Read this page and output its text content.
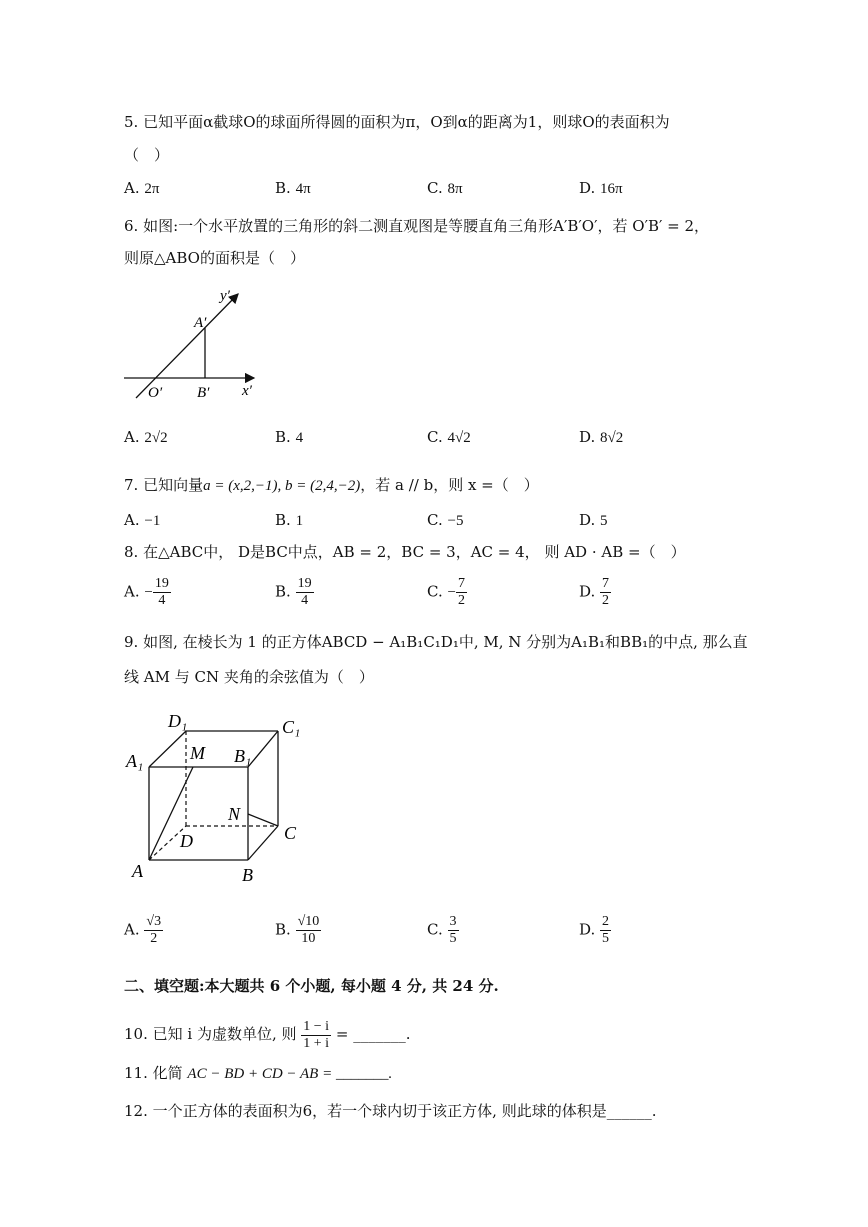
5. 已知平面α截球O的球面所得圆的面积为π，O到α的距离为1，则球O的表面积为
（　）
A. 2π	B. 4π	C. 8π	D. 16π
6. 如图:一个水平放置的三角形的斜二测直观图是等腰直角三角形A′B′O′，若 O′B′ = 2，
则原△ABO的面积是（　）
y′
A′
O′ B′ x′
A. 2√2	B. 4	C. 4√2	D. 8√2
7. 已知向量a = (x,2,−1), b = (2,4,−2)，若 a // b，则 x =（　）
A. −1	B. 1	C. −5	D. 5
8. 在△ABC中， D是BC中点，AB = 2，BC = 3，AC = 4， 则 AD · AB =（　）
A. − $\frac{19}{4}$	B. $\frac{19}{4}$	C. − $\frac{7}{2}$	D. $\frac{7}{2}$
9. 如图, 在棱长为 1 的正方体ABCD − A₁B₁C₁D₁中, M, N 分别为A₁B₁和BB₁的中点, 那么直
线 AM 与 CN 夹角的余弦值为（　）
D₁	C₁
A₁	M B₁
N
C
D
A	B
A. $\frac{√3}{2}$	B. $\frac{√10}{10}$	C. $\frac{3}{5}$	D. $\frac{2}{5}$
二、填空题:本大题共 6 个小题, 每小题 4 分, 共 24 分.
10. 已知 i 为虚数单位, 则 $\frac{1 - i}{1 + i}$ = _______.
11. 化简 AC − BD + CD − AB = _______.
12. 一个正方体的表面积为6，若一个球内切于该正方体, 则此球的体积是______.
